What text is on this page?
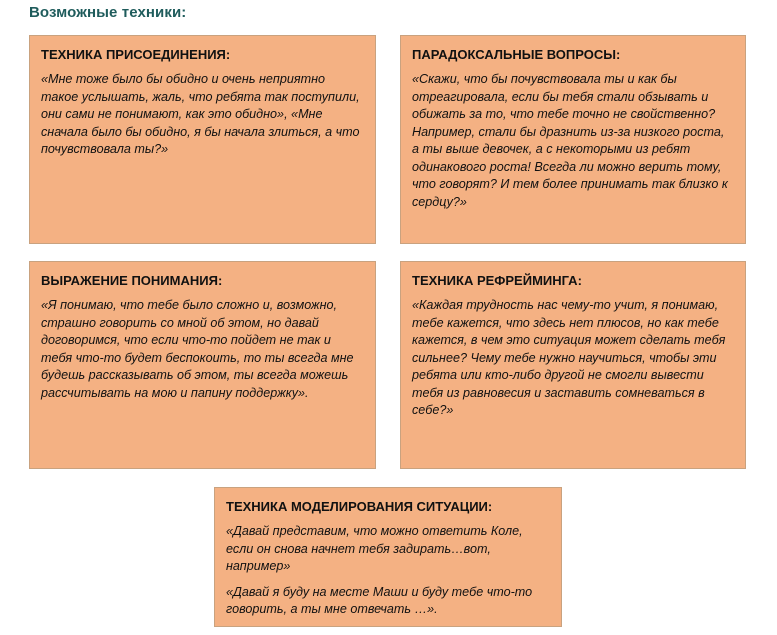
Возможные техники:

ТЕХНИКА ПРИСОЕДИНЕНИЯ:

«Мне тоже было бы обидно и очень неприятно такое услышать, жаль, что ребята так поступили, они сами не понимают, как это обидно», «Мне сначала было бы обидно, я бы начала злиться, а что почувствовала ты?»

ПАРАДОКСАЛЬНЫЕ ВОПРОСЫ:

«Скажи, что бы почувствовала ты и как бы отреагировала, если бы тебя стали обзывать и обижать за то, что тебе точно не свойственно? Например, стали бы дразнить из-за низкого роста, а ты выше девочек, а с некоторыми из ребят одинакового роста! Всегда ли можно верить тому, что говорят? И тем более принимать так близко к сердцу?»

ВЫРАЖЕНИЕ ПОНИМАНИЯ:

«Я понимаю, что тебе было сложно и, возможно, страшно говорить со мной об этом, но давай договоримся, что если что-то пойдет не так и тебя что-то будет беспокоить, то ты всегда мне будешь рассказывать об этом, ты всегда можешь рассчитывать на мою и папину поддержку».

ТЕХНИКА РЕФРЕЙМИНГА:

«Каждая трудность нас чему-то учит, я понимаю, тебе кажется, что здесь нет плюсов, но как тебе кажется, в чем это ситуация может сделать тебя сильнее? Чему тебе нужно научиться, чтобы эти ребята или кто-либо другой не смогли вывести тебя из равновесия и заставить сомневаться в себе?»

ТЕХНИКА МОДЕЛИРОВАНИЯ СИТУАЦИИ:

«Давай представим, что можно ответить Коле, если он снова начнет тебя задирать…вот, например»

«Давай я буду на месте Маши и буду тебе что-то говорить, а ты мне отвечать …».
